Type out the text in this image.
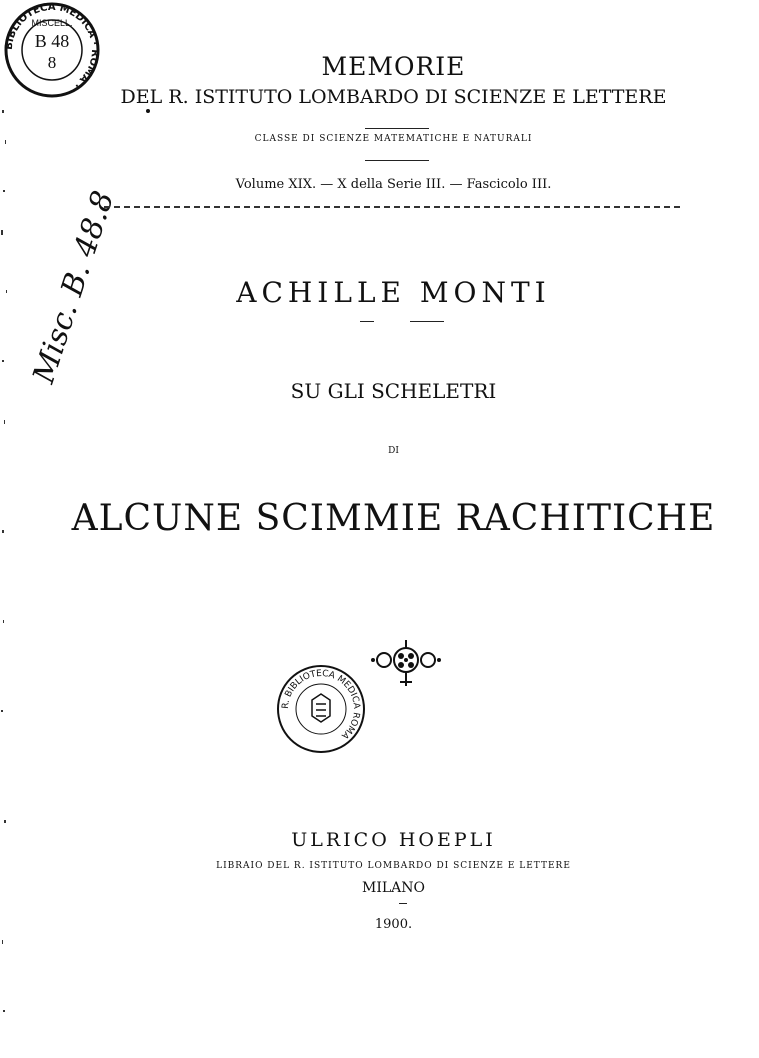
BIBLIOTECA MEDICA · ROMA ·
MISCELL.
B 48
8
Misc. B. 48.8
MEMORIE
DEL R. ISTITUTO LOMBARDO DI SCIENZE E LETTERE
CLASSE DI SCIENZE MATEMATICHE E NATURALI
Volume XIX. — X della Serie III. — Fascicolo III.
ACHILLE MONTI
SU GLI SCHELETRI
DI
ALCUNE SCIMMIE RACHITICHE
R. BIBLIOTECA MEDICA ROMA
ULRICO HOEPLI
LIBRAIO DEL R. ISTITUTO LOMBARDO DI SCIENZE E LETTERE
MILANO
1900.
